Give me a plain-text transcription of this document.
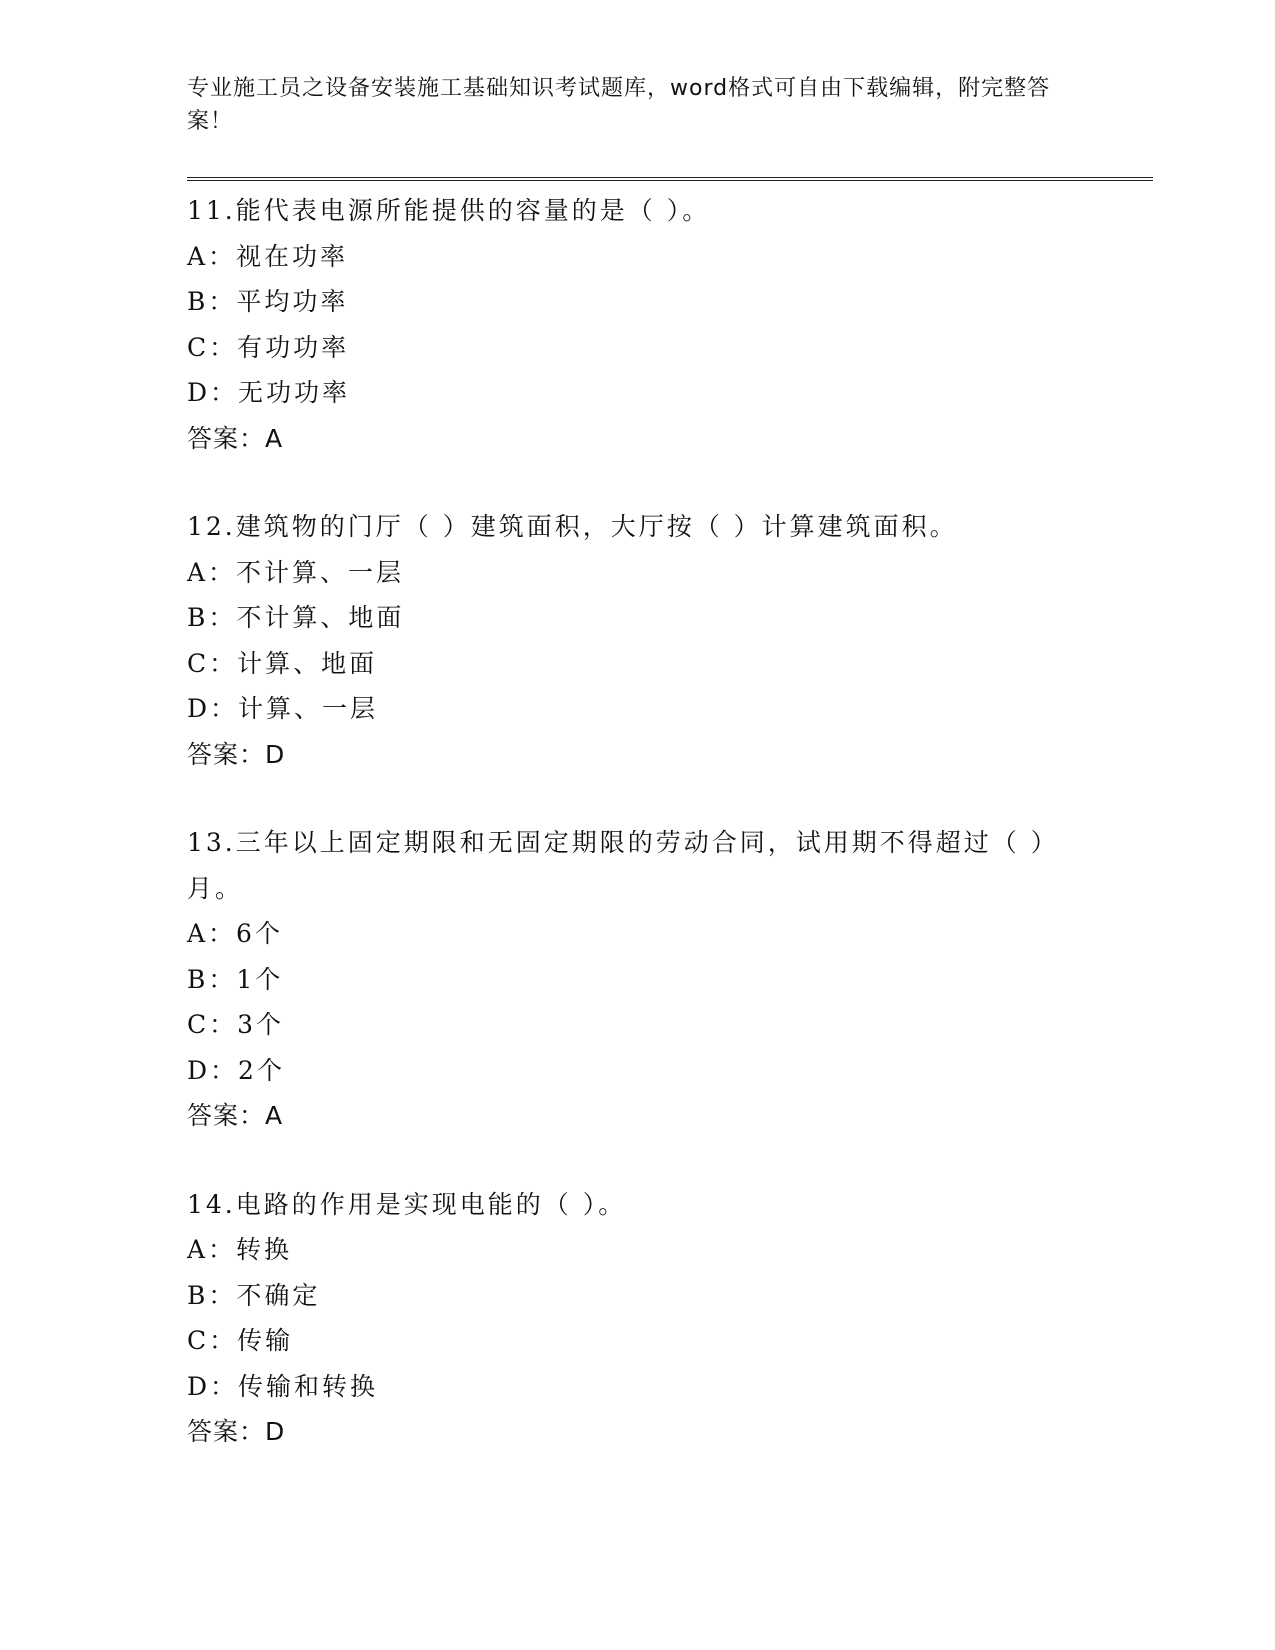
专业施工员之设备安装施工基础知识考试题库，word格式可自由下载编辑，附完整答案！
11.能代表电源所能提供的容量的是（ ）。
A：视在功率
B：平均功率
C：有功功率
D：无功功率
答案：A
12.建筑物的门厅（ ）建筑面积，大厅按（ ）计算建筑面积。
A：不计算、一层
B：不计算、地面
C：计算、地面
D：计算、一层
答案：D
13.三年以上固定期限和无固定期限的劳动合同，试用期不得超过（ ）月。
A：6个
B：1个
C：3个
D：2个
答案：A
14.电路的作用是实现电能的（ ）。
A：转换
B：不确定
C：传输
D：传输和转换
答案：D
